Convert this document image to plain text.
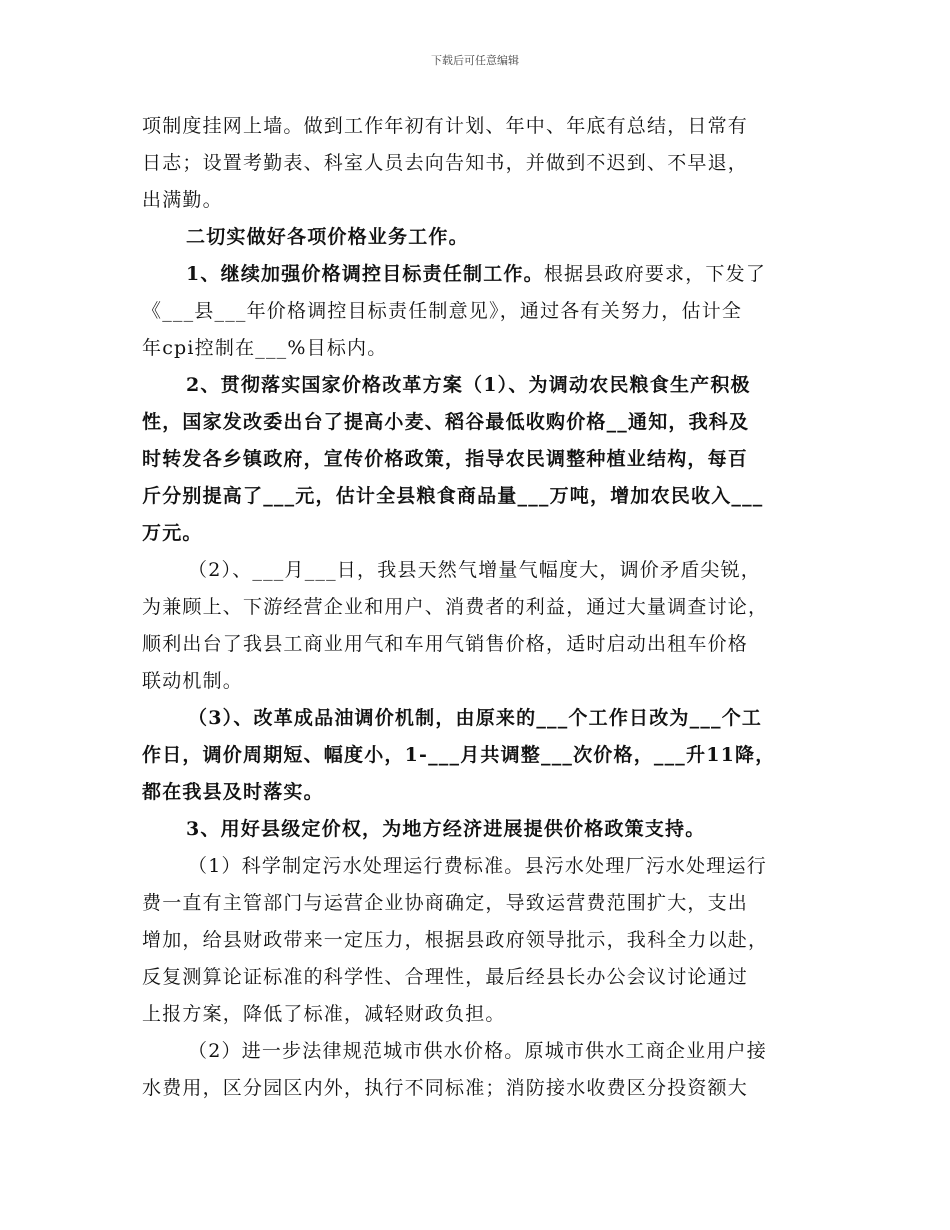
下载后可任意编辑
项制度挂网上墙。做到工作年初有计划、年中、年底有总结，日常有
日志；设置考勤表、科室人员去向告知书，并做到不迟到、不早退，
出满勤。
二切实做好各项价格业务工作。
1、继续加强价格调控目标责任制工作。根据县政府要求，下发了
《___县___年价格调控目标责任制意见》，通过各有关努力，估计全
年cpi控制在___%目标内。
2、贯彻落实国家价格改革方案（1）、为调动农民粮食生产积极
性，国家发改委出台了提高小麦、稻谷最低收购价格__通知，我科及
时转发各乡镇政府，宣传价格政策，指导农民调整种植业结构，每百
斤分别提高了___元，估计全县粮食商品量___万吨，增加农民收入___
万元。
（2）、___月___日，我县天然气增量气幅度大，调价矛盾尖锐，
为兼顾上、下游经营企业和用户、消费者的利益，通过大量调查讨论，
顺利出台了我县工商业用气和车用气销售价格，适时启动出租车价格
联动机制。
（3）、改革成品油调价机制，由原来的___个工作日改为___个工
作日，调价周期短、幅度小，1-___月共调整___次价格，___升11降，
都在我县及时落实。
3、用好县级定价权，为地方经济进展提供价格政策支持。
（1）科学制定污水处理运行费标准。县污水处理厂污水处理运行
费一直有主管部门与运营企业协商确定，导致运营费范围扩大，支出
增加，给县财政带来一定压力，根据县政府领导批示，我科全力以赴，
反复测算论证标准的科学性、合理性，最后经县长办公会议讨论通过
上报方案，降低了标准，减轻财政负担。
（2）进一步法律规范城市供水价格。原城市供水工商企业用户接
水费用，区分园区内外，执行不同标准；消防接水收费区分投资额大
